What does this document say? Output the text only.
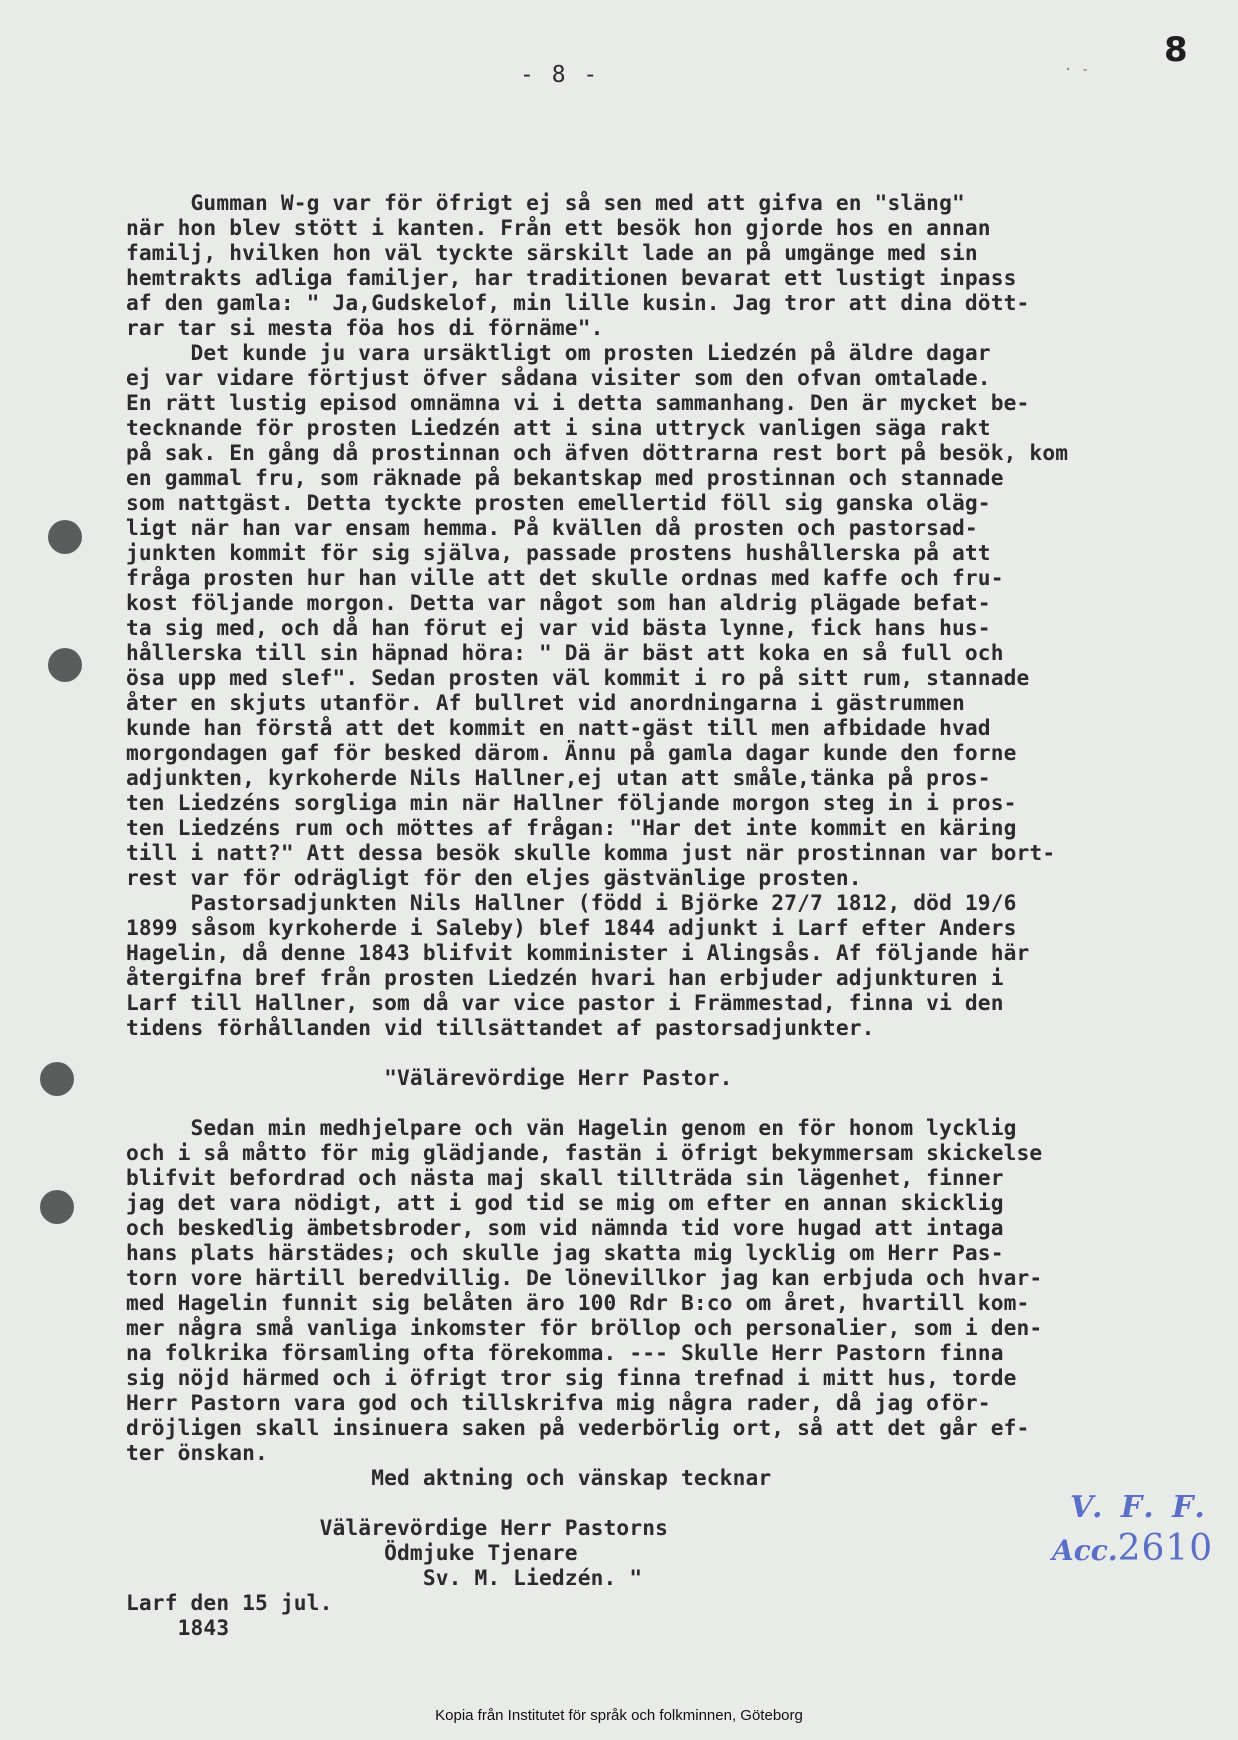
- 8 -	· - 8
Gumman W-g var för öfrigt ej så sen med att gifva en "släng"
när hon blev stött i kanten. Från ett besök hon gjorde hos en annan
familj, hvilken hon väl tyckte särskilt lade an på umgänge med sin
hemtrakts adliga familjer, har traditionen bevarat ett lustigt inpass
af den gamla: " Ja,Gudskelof, min lille kusin. Jag tror att dina dött-
rar tar si mesta föa hos di förnäme".
Det kunde ju vara ursäktligt om prosten Liedzén på äldre dagar
ej var vidare förtjust öfver sådana visiter som den ofvan omtalade.
En rätt lustig episod omnämna vi i detta sammanhang. Den är mycket be-
tecknande för prosten Liedzén att i sina uttryck vanligen säga rakt
på sak. En gång då prostinnan och äfven döttrarna rest bort på besök, kom
en gammal fru, som räknade på bekantskap med prostinnan och stannade
som nattgäst. Detta tyckte prosten emellertid föll sig ganska oläg-
ligt när han var ensam hemma. På kvällen då prosten och pastorsad-
junkten kommit för sig själva, passade prostens hushållerska på att
fråga prosten hur han ville att det skulle ordnas med kaffe och fru-
kost följande morgon. Detta var något som han aldrig plägade befat-
ta sig med, och då han förut ej var vid bästa lynne, fick hans hus-
hållerska till sin häpnad höra: " Dä är bäst att koka en så full och
ösa upp med slef". Sedan prosten väl kommit i ro på sitt rum, stannade
åter en skjuts utanför. Af bullret vid anordningarna i gästrummen
kunde han förstå att det kommit en natt-gäst till men afbidade hvad
morgondagen gaf för besked därom. Ännu på gamla dagar kunde den forne
adjunkten, kyrkoherde Nils Hallner,ej utan att småle,tänka på pros-
ten Liedzéns sorgliga min när Hallner följande morgon steg in i pros-
ten Liedzéns rum och möttes af frågan: "Har det inte kommit en käring
till i natt?" Att dessa besök skulle komma just när prostinnan var bort-
rest var för odrägligt för den eljes gästvänlige prosten.
Pastorsadjunkten Nils Hallner (född i Björke 27/7 1812, död 19/6
1899 såsom kyrkoherde i Saleby) blef 1844 adjunkt i Larf efter Anders
Hagelin, då denne 1843 blifvit komminister i Alingsås. Af följande här
återgifna bref från prosten Liedzén hvari han erbjuder adjunkturen i
Larf till Hallner, som då var vice pastor i Främmestad, finna vi den
tidens förhållanden vid tillsättandet af pastorsadjunkter.
"Välärevördige Herr Pastor.
Sedan min medhjelpare och vän Hagelin genom en för honom lycklig
och i så måtto för mig glädjande, fastän i öfrigt bekymmersam skickelse
blifvit befordrad och nästa maj skall tillträda sin lägenhet, finner
jag det vara nödigt, att i god tid se mig om efter en annan skicklig
och beskedlig ämbetsbroder, som vid nämnda tid vore hugad att intaga
hans plats härstädes; och skulle jag skatta mig lycklig om Herr Pas-
torn vore härtill beredvillig. De lönevillkor jag kan erbjuda och hvar-
med Hagelin funnit sig belåten äro 100 Rdr B:co om året, hvartill kom-
mer några små vanliga inkomster för bröllop och personalier, som i den-
na folkrika församling ofta förekomma. --- Skulle Herr Pastorn finna
sig nöjd härmed och i öfrigt tror sig finna trefnad i mitt hus, torde
Herr Pastorn vara god och tillskrifva mig några rader, då jag oför-
dröjligen skall insinuera saken på vederbörlig ort, så att det går ef-
ter önskan.
Med aktning och vänskap tecknar
Välärevördige Herr Pastorns
Ödmjuke Tjenare
Sv. M. Liedzén. "
Larf den 15 jul.
1843
V. F. F.
Acc.2610
Kopia från Institutet för språk och folkminnen, Göteborg
